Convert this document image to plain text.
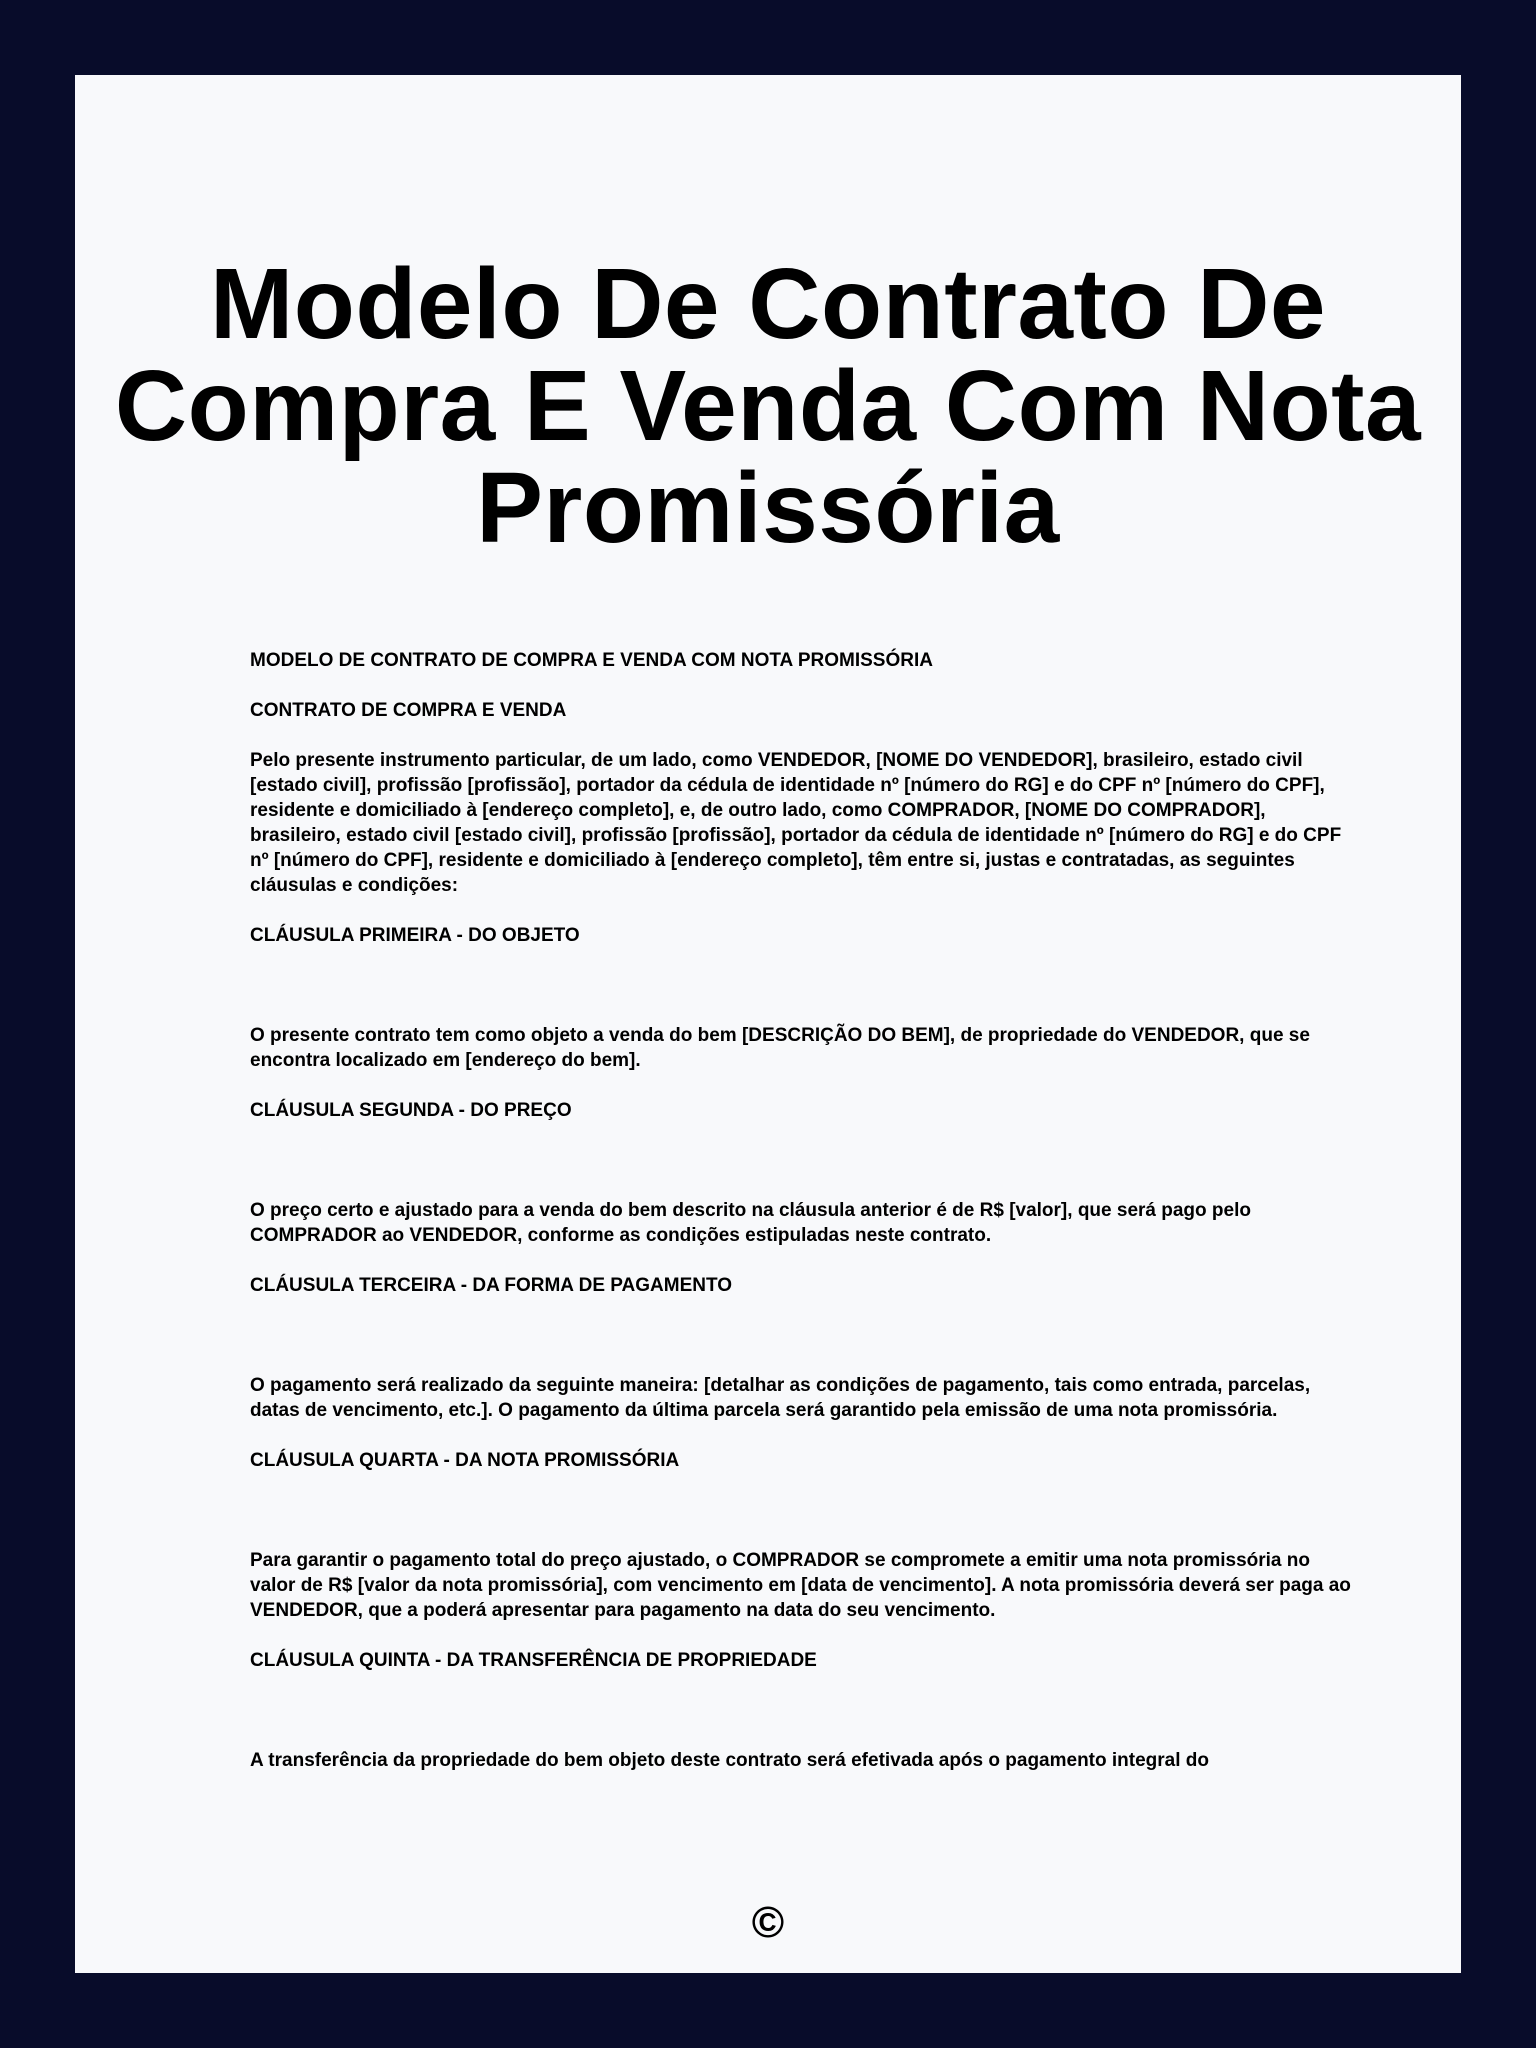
Modelo De Contrato De Compra E Venda Com Nota Promissória

MODELO DE CONTRATO DE COMPRA E VENDA COM NOTA PROMISSÓRIA

CONTRATO DE COMPRA E VENDA

Pelo presente instrumento particular, de um lado, como VENDEDOR, [NOME DO VENDEDOR], brasileiro, estado civil [estado civil], profissão [profissão], portador da cédula de identidade nº [número do RG] e do CPF nº [número do CPF], residente e domiciliado à [endereço completo], e, de outro lado, como COMPRADOR, [NOME DO COMPRADOR], brasileiro, estado civil [estado civil], profissão [profissão], portador da cédula de identidade nº [número do RG] e do CPF nº [número do CPF], residente e domiciliado à [endereço completo], têm entre si, justas e contratadas, as seguintes cláusulas e condições:

CLÁUSULA PRIMEIRA - DO OBJETO

O presente contrato tem como objeto a venda do bem [DESCRIÇÃO DO BEM], de propriedade do VENDEDOR, que se encontra localizado em [endereço do bem].

CLÁUSULA SEGUNDA - DO PREÇO

O preço certo e ajustado para a venda do bem descrito na cláusula anterior é de R$ [valor], que será pago pelo COMPRADOR ao VENDEDOR, conforme as condições estipuladas neste contrato.

CLÁUSULA TERCEIRA - DA FORMA DE PAGAMENTO

O pagamento será realizado da seguinte maneira: [detalhar as condições de pagamento, tais como entrada, parcelas, datas de vencimento, etc.]. O pagamento da última parcela será garantido pela emissão de uma nota promissória.

CLÁUSULA QUARTA - DA NOTA PROMISSÓRIA

Para garantir o pagamento total do preço ajustado, o COMPRADOR se compromete a emitir uma nota promissória no valor de R$ [valor da nota promissória], com vencimento em [data de vencimento]. A nota promissória deverá ser paga ao VENDEDOR, que a poderá apresentar para pagamento na data do seu vencimento.

CLÁUSULA QUINTA - DA TRANSFERÊNCIA DE PROPRIEDADE

A transferência da propriedade do bem objeto deste contrato será efetivada após o pagamento integral do

©
